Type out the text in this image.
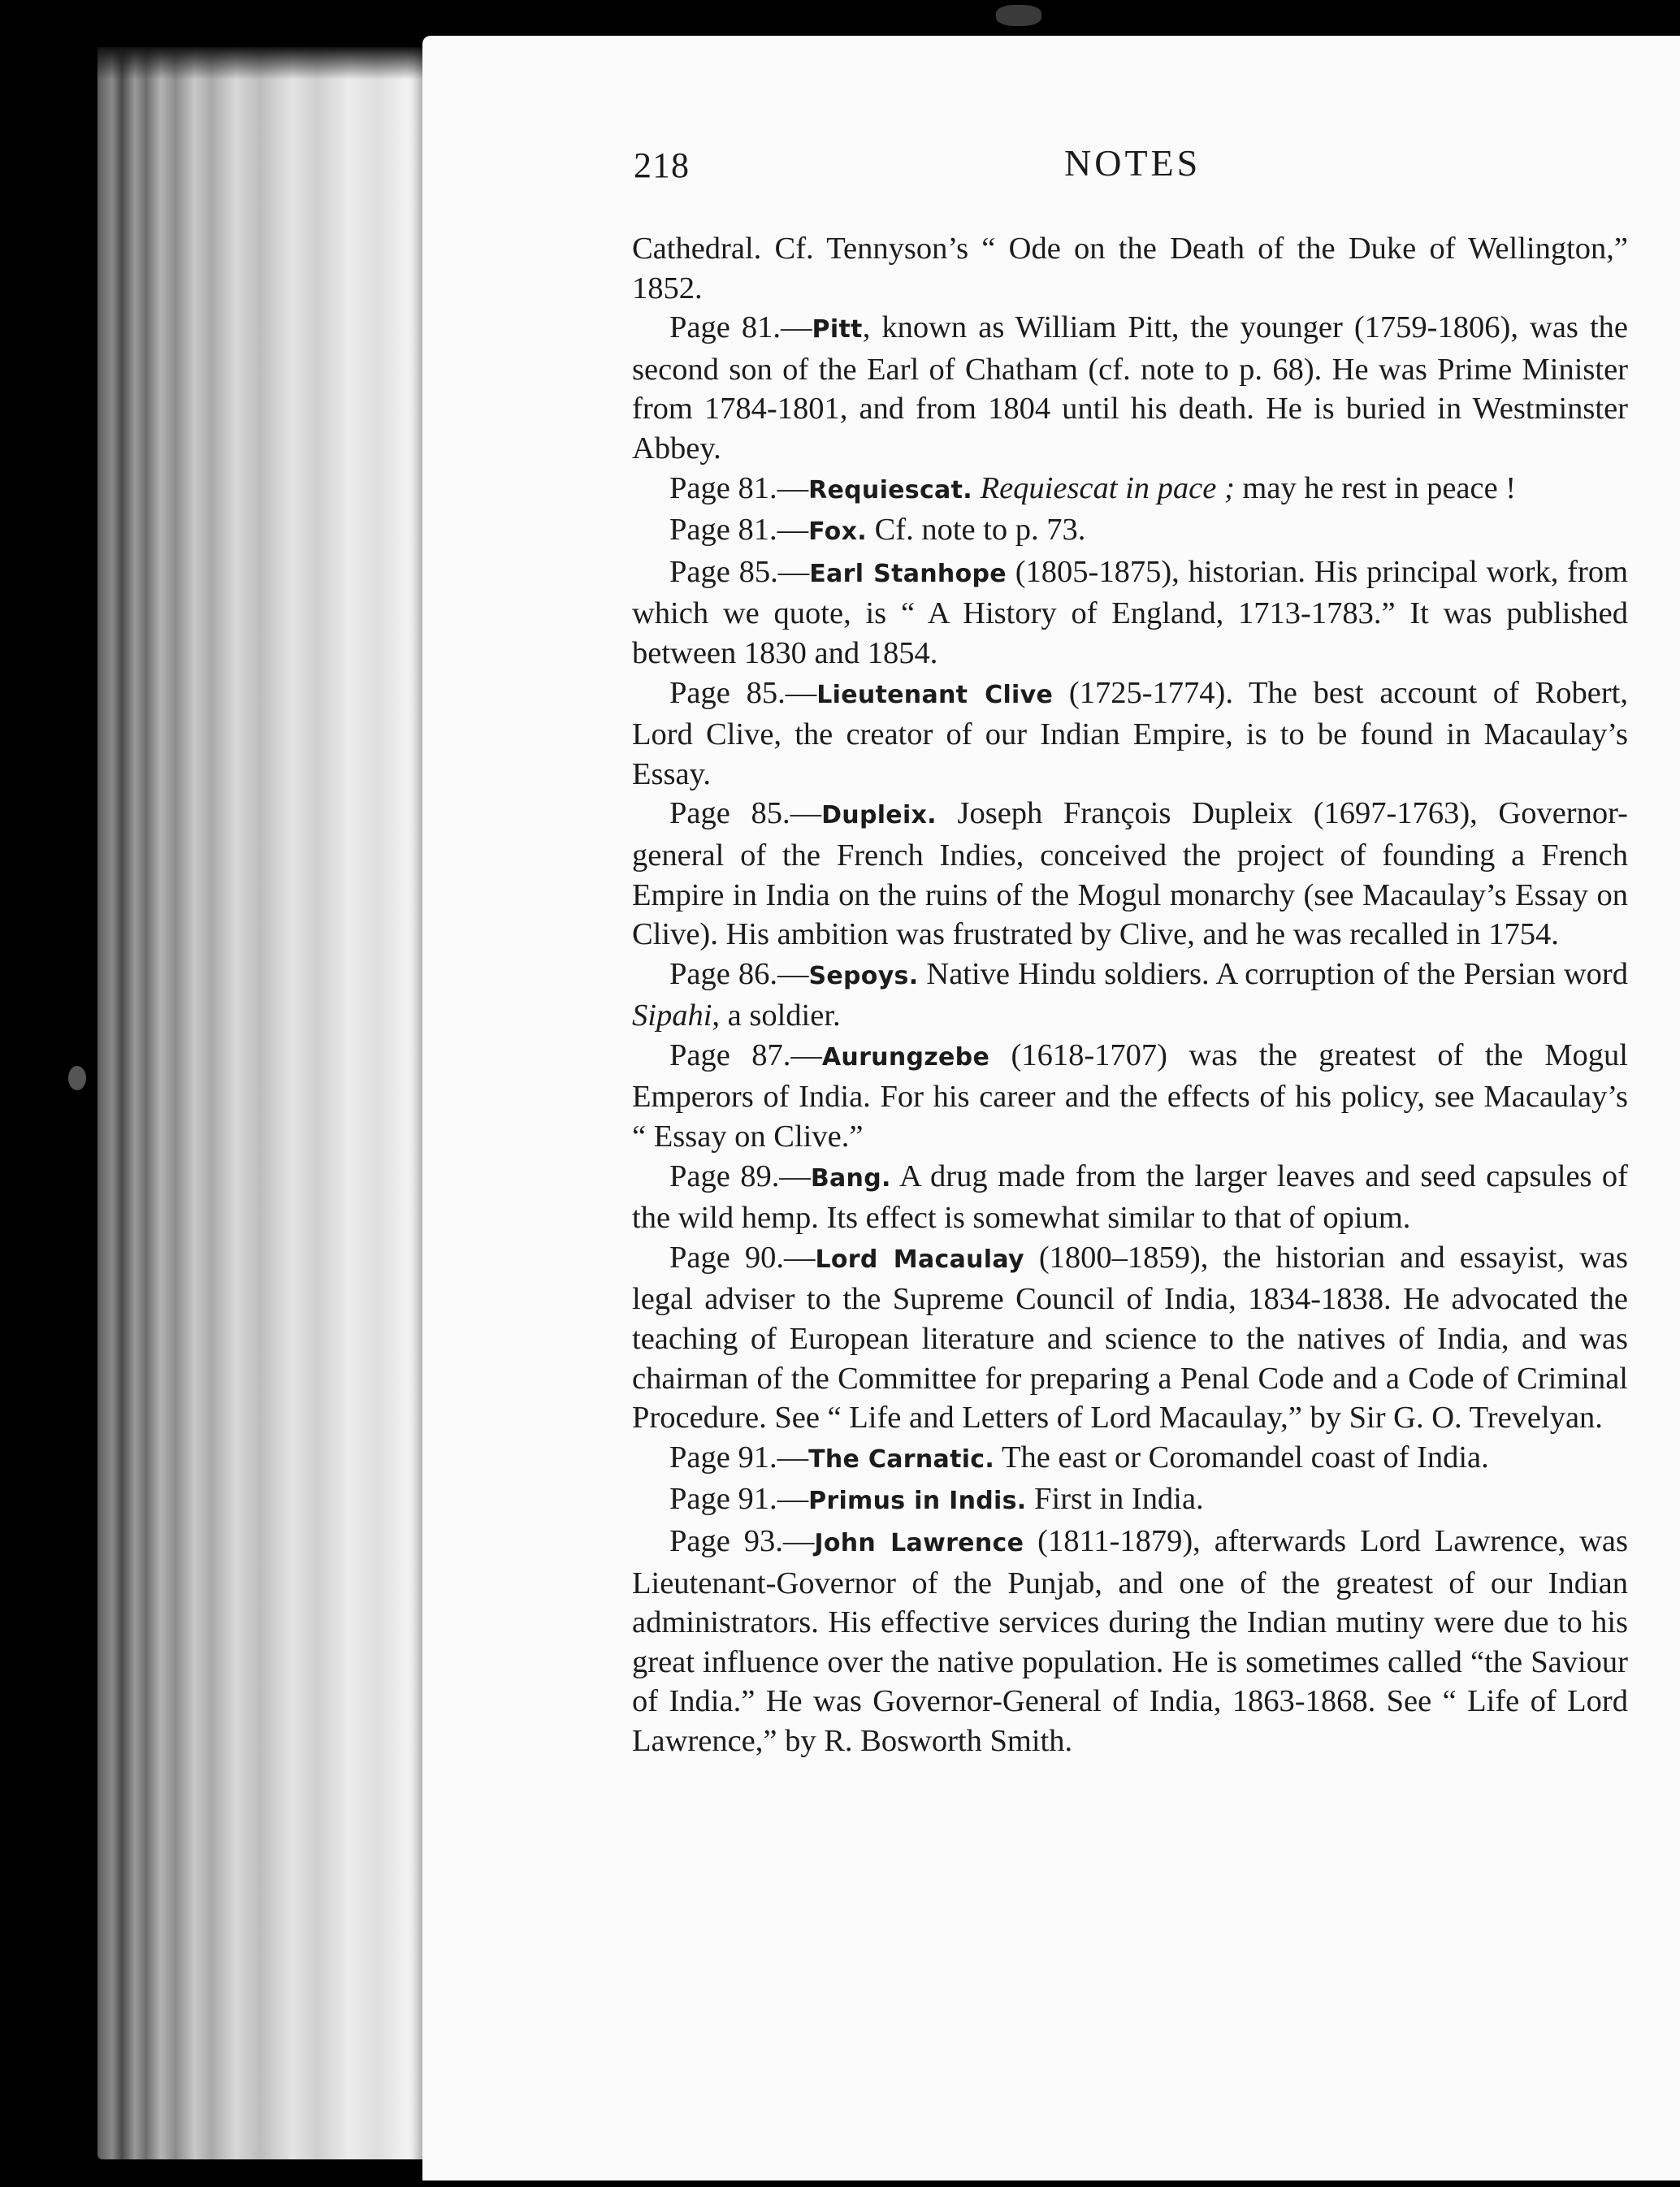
218	NOTES

Cathedral. Cf. Tennyson’s “ Ode on the Death of the Duke of Wellington,” 1852.

Page 81.—Pitt, known as William Pitt, the younger (1759-1806), was the second son of the Earl of Chatham (cf. note to p. 68). He was Prime Minister from 1784-1801, and from 1804 until his death. He is buried in Westminster Abbey.

Page 81.—Requiescat. Requiescat in pace ; may he rest in peace !

Page 81.—Fox. Cf. note to p. 73.

Page 85.—Earl Stanhope (1805-1875), historian. His principal work, from which we quote, is “ A History of England, 1713-1783.” It was published between 1830 and 1854.

Page 85.—Lieutenant Clive (1725-1774). The best account of Robert, Lord Clive, the creator of our Indian Empire, is to be found in Macaulay’s Essay.

Page 85.—Dupleix. Joseph François Dupleix (1697-1763), Governor-general of the French Indies, conceived the project of founding a French Empire in India on the ruins of the Mogul monarchy (see Macaulay’s Essay on Clive). His ambition was frustrated by Clive, and he was recalled in 1754.

Page 86.—Sepoys. Native Hindu soldiers. A corruption of the Persian word Sipahi, a soldier.

Page 87.—Aurungzebe (1618-1707) was the greatest of the Mogul Emperors of India. For his career and the effects of his policy, see Macaulay’s “ Essay on Clive.”

Page 89.—Bang. A drug made from the larger leaves and seed capsules of the wild hemp. Its effect is somewhat similar to that of opium.

Page 90.—Lord Macaulay (1800–1859), the historian and essayist, was legal adviser to the Supreme Council of India, 1834-1838. He advocated the teaching of European literature and science to the natives of India, and was chairman of the Committee for preparing a Penal Code and a Code of Criminal Procedure. See “ Life and Letters of Lord Macaulay,” by Sir G. O. Trevelyan.

Page 91.—The Carnatic. The east or Coromandel coast of India.

Page 91.—Primus in Indis. First in India.

Page 93.—John Lawrence (1811-1879), afterwards Lord Lawrence, was Lieutenant-Governor of the Punjab, and one of the greatest of our Indian administrators. His effective services during the Indian mutiny were due to his great influence over the native population. He is sometimes called “the Saviour of India.” He was Governor-General of India, 1863-1868. See “ Life of Lord Lawrence,” by R. Bosworth Smith.
